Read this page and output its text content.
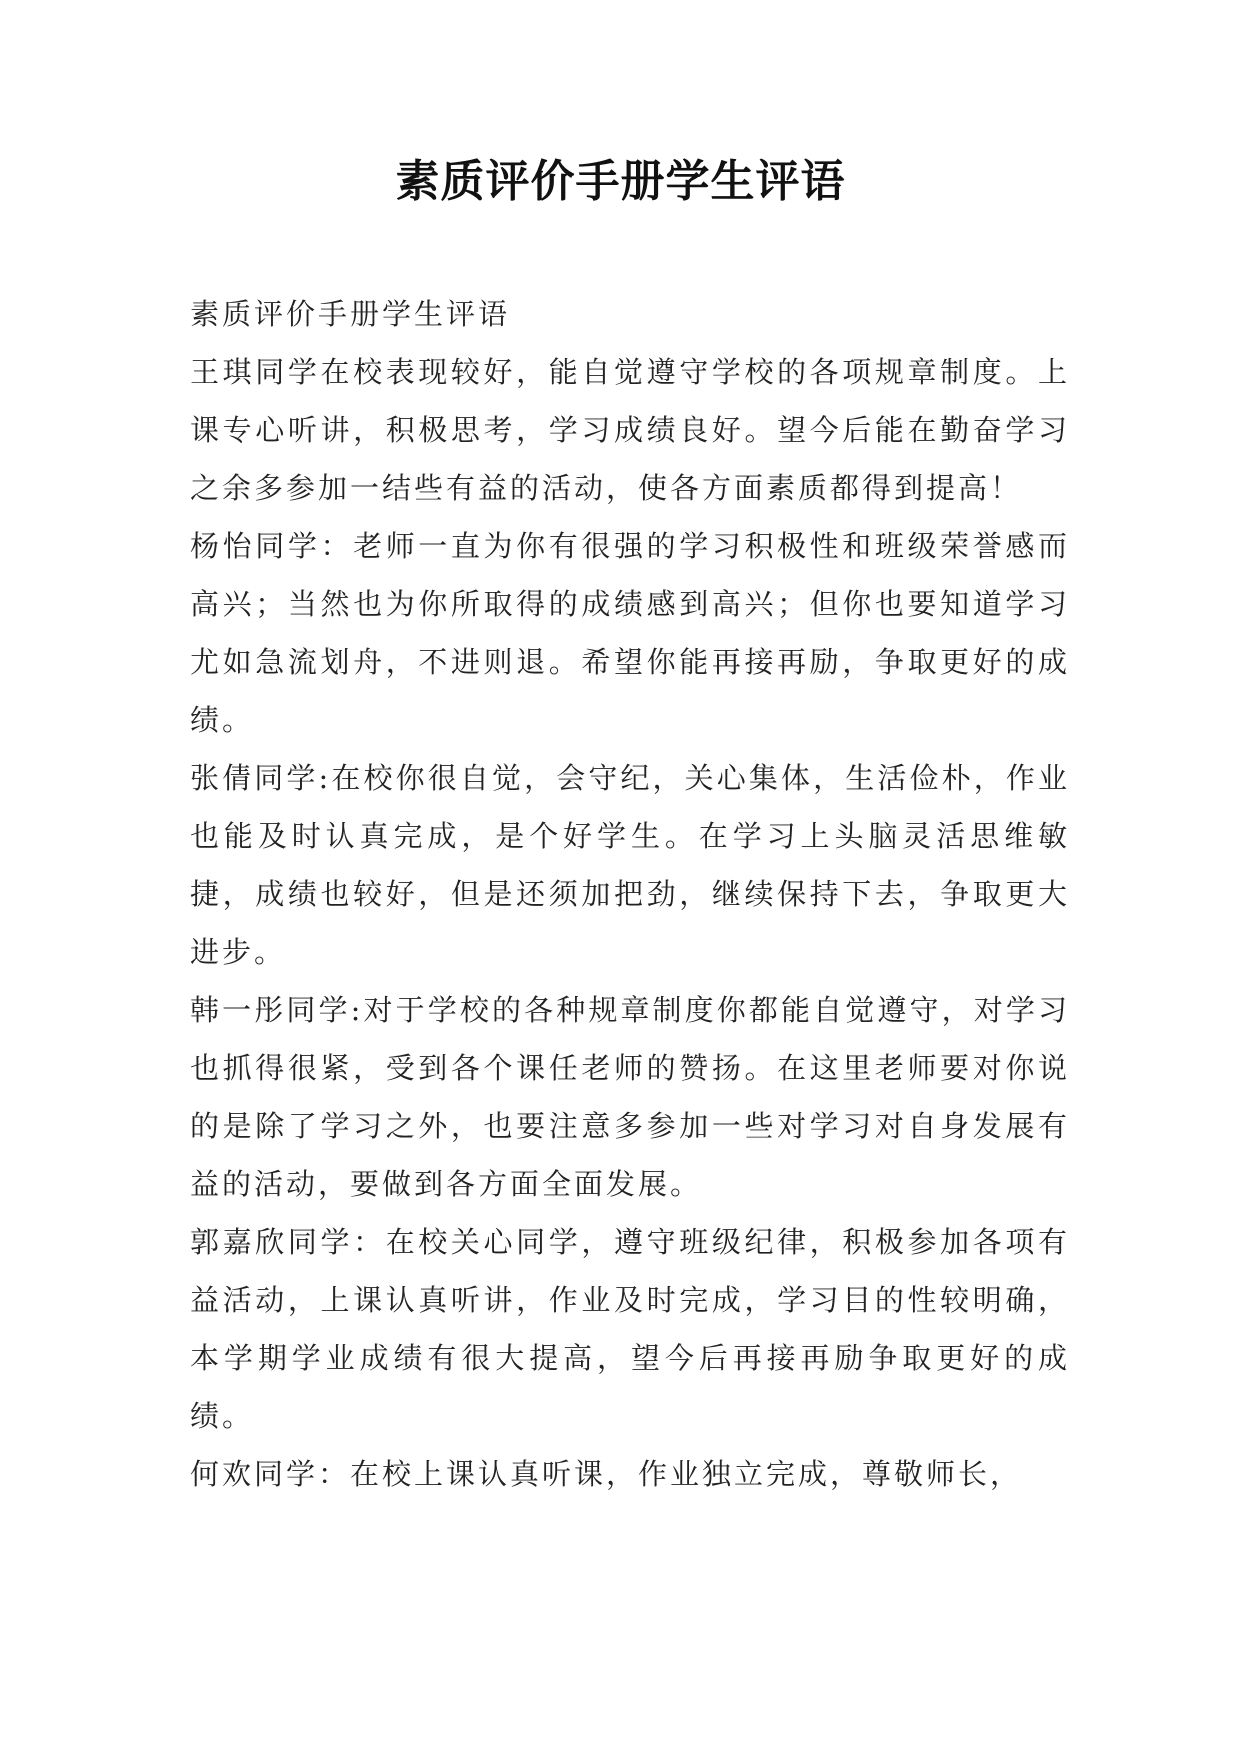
素质评价手册学生评语

素质评价手册学生评语

王琪同学在校表现较好，能自觉遵守学校的各项规章制度。上课专心听讲，积极思考，学习成绩良好。望今后能在勤奋学习之余多参加一结些有益的活动，使各方面素质都得到提高！

杨怡同学：老师一直为你有很强的学习积极性和班级荣誉感而高兴；当然也为你所取得的成绩感到高兴；但你也要知道学习尤如急流划舟，不进则退。希望你能再接再励，争取更好的成绩。

张倩同学:在校你很自觉，会守纪，关心集体，生活俭朴，作业也能及时认真完成，是个好学生。在学习上头脑灵活思维敏捷，成绩也较好，但是还须加把劲，继续保持下去，争取更大进步。

韩一彤同学:对于学校的各种规章制度你都能自觉遵守，对学习也抓得很紧，受到各个课任老师的赞扬。在这里老师要对你说的是除了学习之外，也要注意多参加一些对学习对自身发展有益的活动，要做到各方面全面发展。

郭嘉欣同学：在校关心同学，遵守班级纪律，积极参加各项有益活动，上课认真听讲，作业及时完成，学习目的性较明确，本学期学业成绩有很大提高，望今后再接再励争取更好的成绩。

何欢同学：在校上课认真听课，作业独立完成，尊敬师长，
